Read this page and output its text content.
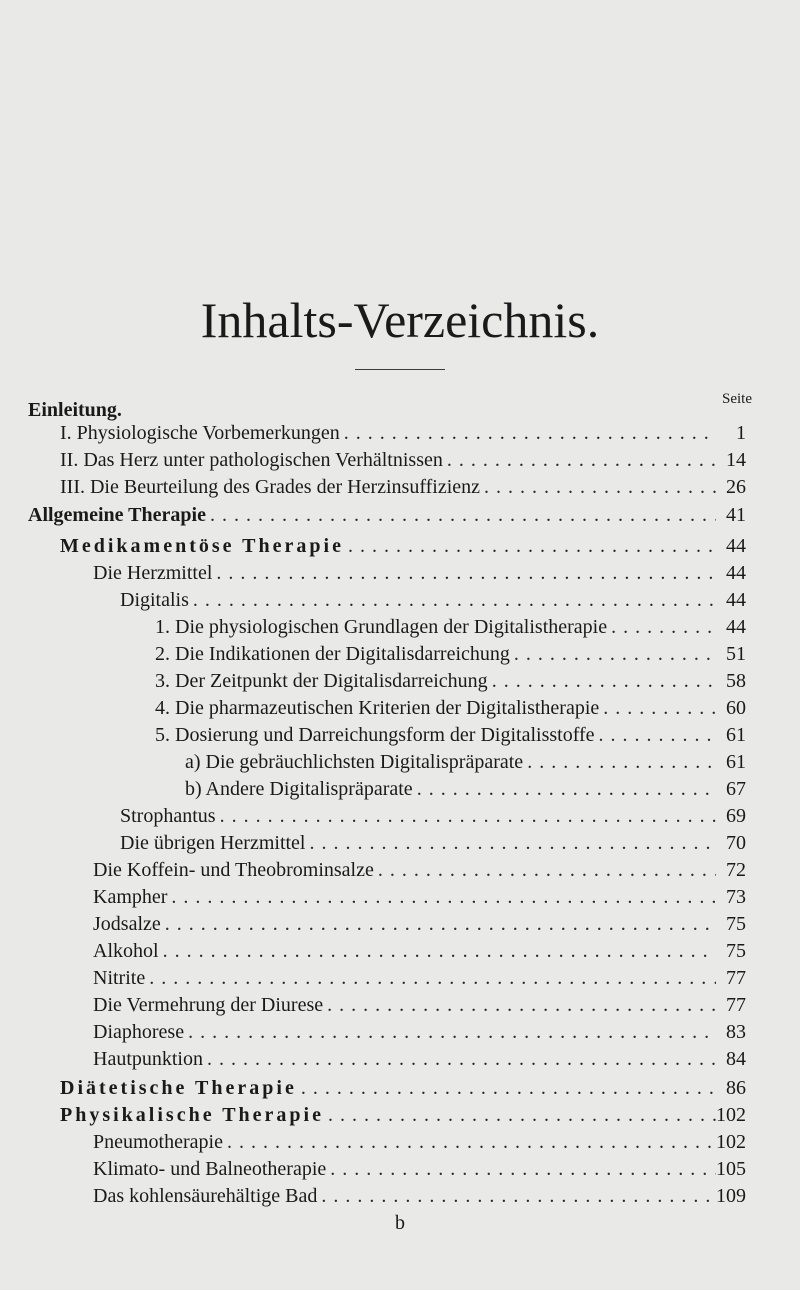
Inhalts-Verzeichnis.
Seite
Einleitung.
I. Physiologische Vorbemerkungen . . .	1
II. Das Herz unter pathologischen Verhältnissen . . .	14
III. Die Beurteilung des Grades der Herzinsuffizienz . . .	26
Allgemeine Therapie . . .	41
Medikamentöse Therapie . . .	44
Die Herzmittel . . .	44
Digitalis . . .	44
1. Die physiologischen Grundlagen der Digitalistherapie . . .	44
2. Die Indikationen der Digitalisdarreichung . . .	51
3. Der Zeitpunkt der Digitalisdarreichung . . .	58
4. Die pharmazeutischen Kriterien der Digitalistherapie . . .	60
5. Dosierung und Darreichungsform der Digitalisstoffe . . .	61
a) Die gebräuchlichsten Digitalispräparate . . .	61
b) Andere Digitalispräparate . . .	67
Strophantus . . .	69
Die übrigen Herzmittel . . .	70
Die Koffein- und Theobrominsalze . . .	72
Kampher . . .	73
Jodsalze . . .	75
Alkohol . . .	75
Nitrite . . .	77
Die Vermehrung der Diurese . . .	77
Diaphorese . . .	83
Hautpunktion . . .	84
Diätetische Therapie . . .	86
Physikalische Therapie . . .	102
Pneumotherapie . . .	102
Klimato- und Balneotherapie . . .	105
Das kohlensäurehältige Bad . . .	109
b
